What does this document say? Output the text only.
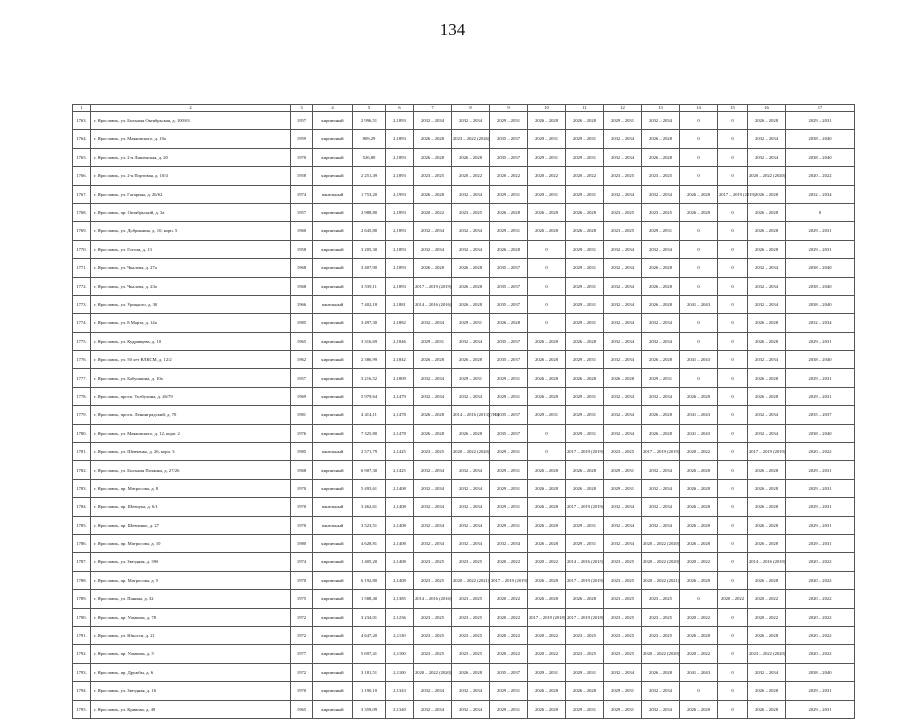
134
1	2	3	4	5	6	7	8	9	10	11	12	13	14	15	16	17
1763.	г. Ярославль, ул. Большая Октябрьская, д. 100/63	1957	кирпичный	2 996,51	2,1893	2032 – 2034	2032 – 2034	2029 – 2031	2026 – 2028	2026 – 2028	2029 – 2031	2032 – 2034	0	0	2026 – 2028	2029 – 2031
1764.	г. Ярославль, ул. Маяковского, д. 10а	1959	кирпичный	809,29	2,1893	2026 – 2028	2023 – 2022 (2026)	2035 – 2037	2029 – 2031	2029 – 2031	2032 – 2034	2026 – 2028	0	0	2032 – 2034	2038 – 2040
1765.	г. Ярославль, ул. 2-я Лишенская, д. 20	1970	кирпичный	526,80	2,1893	2026 – 2028	2026 – 2028	2035 – 2037	2029 – 2031	2029 – 2031	2032 – 2034	2026 – 2028	0	0	2032 – 2034	2038 – 2040
1766.	г. Ярославль, ул. 2-я Портовая, д. 10/4	1958	кирпичный	2 251,49	2,1893	2023 – 2025	2020 – 2022	2020 – 2022	2020 – 2022	2020 – 2022	2023 – 2025	2023 – 2025	0	0	2020 – 2022 (2020)	2020 – 2022
1767.	г. Ярославль, ул. Гагарина, д. 26/62	1974	панельный	1 753,20	2,1993	2026 – 2028	2032 – 2034	2029 – 2031	2029 – 2031	2029 – 2031	2032 – 2034	2032 – 2034	2026 – 2028	2017 – 2019 (2019)	2026 – 2028	2032 – 2034
1768.	г. Ярославль, пр. Октябрьский, д. 3а	1957	кирпичный	2 988,80	2,1893	2020 – 2022	2023 – 2025	2026 – 2028	2026 – 2028	2026 – 2028	2023 – 2025	2023 – 2025	2026 – 2028	0	2026 – 2028	0
1769.	г. Ярославль, ул. Добрынина, д. 10, корп. 5	1960	кирпичный	2 645,80	2,1893	2032 – 2034	2032 – 2034	2029 – 2031	2026 – 2028	2026 – 2028	2023 – 2025	2029 – 2031	0	0	2026 – 2028	2029 – 2031
1770.	г. Ярославль, ул. Гоголя, д. 13	1958	кирпичный	3 205,30	2,1893	2032 – 2034	2032 – 2034	2026 – 2028	0	2029 – 2031	2032 – 2034	2032 – 2034	0	0	2026 – 2028	2029 – 2031
1771.	г. Ярославль, ул. Чкалова, д. 27а	1968	кирпичный	3 407,90	2,1893	2026 – 2028	2026 – 2028	2035 – 2037	0	2029 – 2031	2032 – 2034	2026 – 2028	0	0	2032 – 2034	2038 – 2040
1772.	г. Ярославль, ул. Чкалова, д. 23а	1968	кирпичный	3 539,11	2,1893	2017 – 2019 (2019)	2026 – 2028	2035 – 2037	0	2029 – 2031	2032 – 2034	2026 – 2028	0	0	2032 – 2034	2038 – 2040
1773.	г. Ярославль, ул. Урицкого, д. 30	1966	панельный	7 402,18	2,1881	2014 – 2016 (2016)	2026 – 2028	2035 – 2037	0	2029 – 2031	2032 – 2034	2026 – 2028	2041 – 2043	0	2032 – 2034	2038 – 2040
1774.	г. Ярославль, ул. 8 Марта, д. 14а	1985	кирпичный	3 497,30	2,1882	2032 – 2034	2029 – 2031	2026 – 2028	0	2029 – 2031	2032 – 2034	2032 – 2034	0	0	2026 – 2028	2032 – 2034
1775.	г. Ярославль, ул. Кудрявцева, д. 10	1965	кирпичный	3 316,69	2,1846	2029 – 2031	2032 – 2034	2035 – 2037	2026 – 2028	2026 – 2028	2032 – 2034	2032 – 2034	0	0	2026 – 2028	2029 – 2031
1776.	г. Ярославль, ул. 50 лет ВЛКСМ, д. 12/2	1962	кирпичный	2 386,99	2,1842	2026 – 2028	2026 – 2028	2035 – 2037	2026 – 2028	2029 – 2031	2032 – 2034	2026 – 2028	2041 – 2043	0	2032 – 2034	2038 – 2040
1777.	г. Ярославль, ул. Бабушкина, д. 10а	1957	кирпичный	3 216,52	2,1809	2032 – 2034	2029 – 2031	2029 – 2031	2026 – 2028	2026 – 2028	2026 – 2028	2029 – 2031	0	0	2026 – 2028	2029 – 2031
1778.	г. Ярославль, просп. Толбухина, д. 26/79	1969	кирпичный	5 979,64	2,1479	2032 – 2034	2032 – 2034	2029 – 2031	2026 – 2028	2029 – 2031	2032 – 2034	2032 – 2034	2026 – 2028	0	2026 – 2028	2029 – 2031
1779.	г. Ярославль, просп. Ленинградский, д. 70	1981	кирпичный	4 414,11	2,1478	2026 – 2028	2014 – 2016 (2013)(ЛФ)	2035 – 2037	2029 – 2031	2029 – 2031	2032 – 2034	2026 – 2028	2041 – 2043	0	2032 – 2034	2035 – 2037
1780.	г. Ярославль, ул. Маяковского, д. 12, корп. 2	1976	кирпичный	7 325,80	2,1478	2026 – 2028	2026 – 2028	2035 – 2037	0	2029 – 2031	2032 – 2034	2026 – 2028	2041 – 2043	0	2032 – 2034	2038 – 2040
1781.	г. Ярославль, ул. Шевченко, д. 26, корп. 3	1985	панельный	2 571,79	2,1425	2023 – 2025	2020 – 2022 (2020)	2029 – 2031	0	2017 – 2019 (2019)	2023 – 2025	2017 – 2019 (2019)	2020 – 2022	0	2017 – 2019 (2019)	2020 – 2022
1782.	г. Ярославль, ул. Большая Полянка, д. 27/26	1968	кирпичный	6 907,30	2,1425	2032 – 2034	2032 – 2034	2029 – 2031	2026 – 2028	2026 – 2028	2029 – 2031	2032 – 2034	2026 – 2028	0	2026 – 2028	2029 – 2031
1783.	г. Ярославль, пр. Матросова, д. 8	1970	кирпичный	5 495,61	2,1408	2032 – 2034	2032 – 2034	2029 – 2031	2026 – 2028	2026 – 2028	2029 – 2031	2032 – 2034	2026 – 2028	0	2026 – 2028	2029 – 2031
1784.	г. Ярославль, пр. Шевчука, д. 6/1	1970	панельный	3 462,61	2,1408	2032 – 2034	2032 – 2034	2029 – 2031	2026 – 2028	2017 – 2019 (2019)	2032 – 2034	2032 – 2034	2026 – 2028	0	2026 – 2028	2029 – 2031
1785.	г. Ярославль, пр. Шевченко, д. 27	1970	панельный	3 523,51	2,1408	2032 – 2034	2032 – 2034	2029 – 2031	2026 – 2028	2029 – 2031	2032 – 2034	2032 – 2034	2026 – 2028	0	2026 – 2028	2029 – 2031
1786.	г. Ярославль, пр. Матросова, д. 10	1980	кирпичный	4 628,81	2,1408	2032 – 2034	2032 – 2034	2032 – 2034	2026 – 2028	2029 – 2031	2032 – 2034	2020 – 2022 (2020)	2026 – 2028	0	2026 – 2028	2029 – 2031
1787.	г. Ярославль, ул. Звездная, д. 39б	1974	кирпичный	1 405,20	2,1408	2023 – 2025	2023 – 2025	2020 – 2022	2020 – 2022	2014 – 2016 (2015)	2023 – 2025	2020 – 2022 (2020)	2020 – 2022	0	2014 – 2016 (2019)	2020 – 2022
1788.	г. Ярославль, пр. Матросова, д. 5	1970	кирпичный	6 192,80	2,1408	2023 – 2025	2020 – 2022 (2021)	2017 – 2019 (2019)	2026 – 2028	2017 – 2019 (2019)	2023 – 2025	2020 – 2022 (2021)	2026 – 2028	0	2026 – 2028	2020 – 2022
1789.	г. Ярославль, ул. Панина, д. 32	1975	кирпичный	1 588,40	2,1385	2014 – 2016 (2016)	2023 – 2025	2020 – 2022	2026 – 2028	2026 – 2028	2023 – 2025	2023 – 2025	0	2020 – 2022	2020 – 2022	2020 – 2022
1790.	г. Ярославль, пр. Ушакова, д. 78	1972	кирпичный	3 234,01	2,1236	2023 – 2025	2023 – 2025	2020 – 2022	2017 – 2019 (2018)	2017 – 2019 (2018)	2023 – 2025	2023 – 2025	2020 – 2022	0	2020 – 2022	2020 – 2022
1791.	г. Ярославль, ул. Юности, д. 21	1972	кирпичный	4 647,20	2,1130	2023 – 2025	2023 – 2025	2020 – 2022	2020 – 2022	2023 – 2025	2023 – 2025	2023 – 2025	2026 – 2028	0	2026 – 2028	2020 – 2022
1792.	г. Ярославль, пр. Ушакова, д. 5	1977	кирпичный	5 697,41	2,1100	2023 – 2025	2023 – 2025	2020 – 2022	2020 – 2022	2023 – 2025	2023 – 2025	2020 – 2022 (2020)	2020 – 2022	0	2023 – 2022 (2020)	2020 – 2022
1793.	г. Ярославль, пр. Дружбы, д. 6	1972	кирпичный	3 181,51	2,1100	2020 – 2022 (2020)	2026 – 2028	2035 – 2037	2029 – 2031	2029 – 2031	2032 – 2034	2026 – 2028	2041 – 2043	0	2032 – 2034	2038 – 2040
1794.	г. Ярославль, ул. Звездная, д. 16	1970	кирпичный	1 190,10	2,1343	2032 – 2034	2032 – 2034	2029 – 2031	2026 – 2028	2026 – 2028	2029 – 2031	2032 – 2034	0	0	2026 – 2028	2029 – 2031
1795.	г. Ярославль, ул. Кривова, д. 49	1965	кирпичный	3 359,09	2,1340	2032 – 2034	2032 – 2034	2029 – 2031	2026 – 2028	2029 – 2031	2029 – 2031	2032 – 2034	2026 – 2028	0	2026 – 2028	2029 – 2031
